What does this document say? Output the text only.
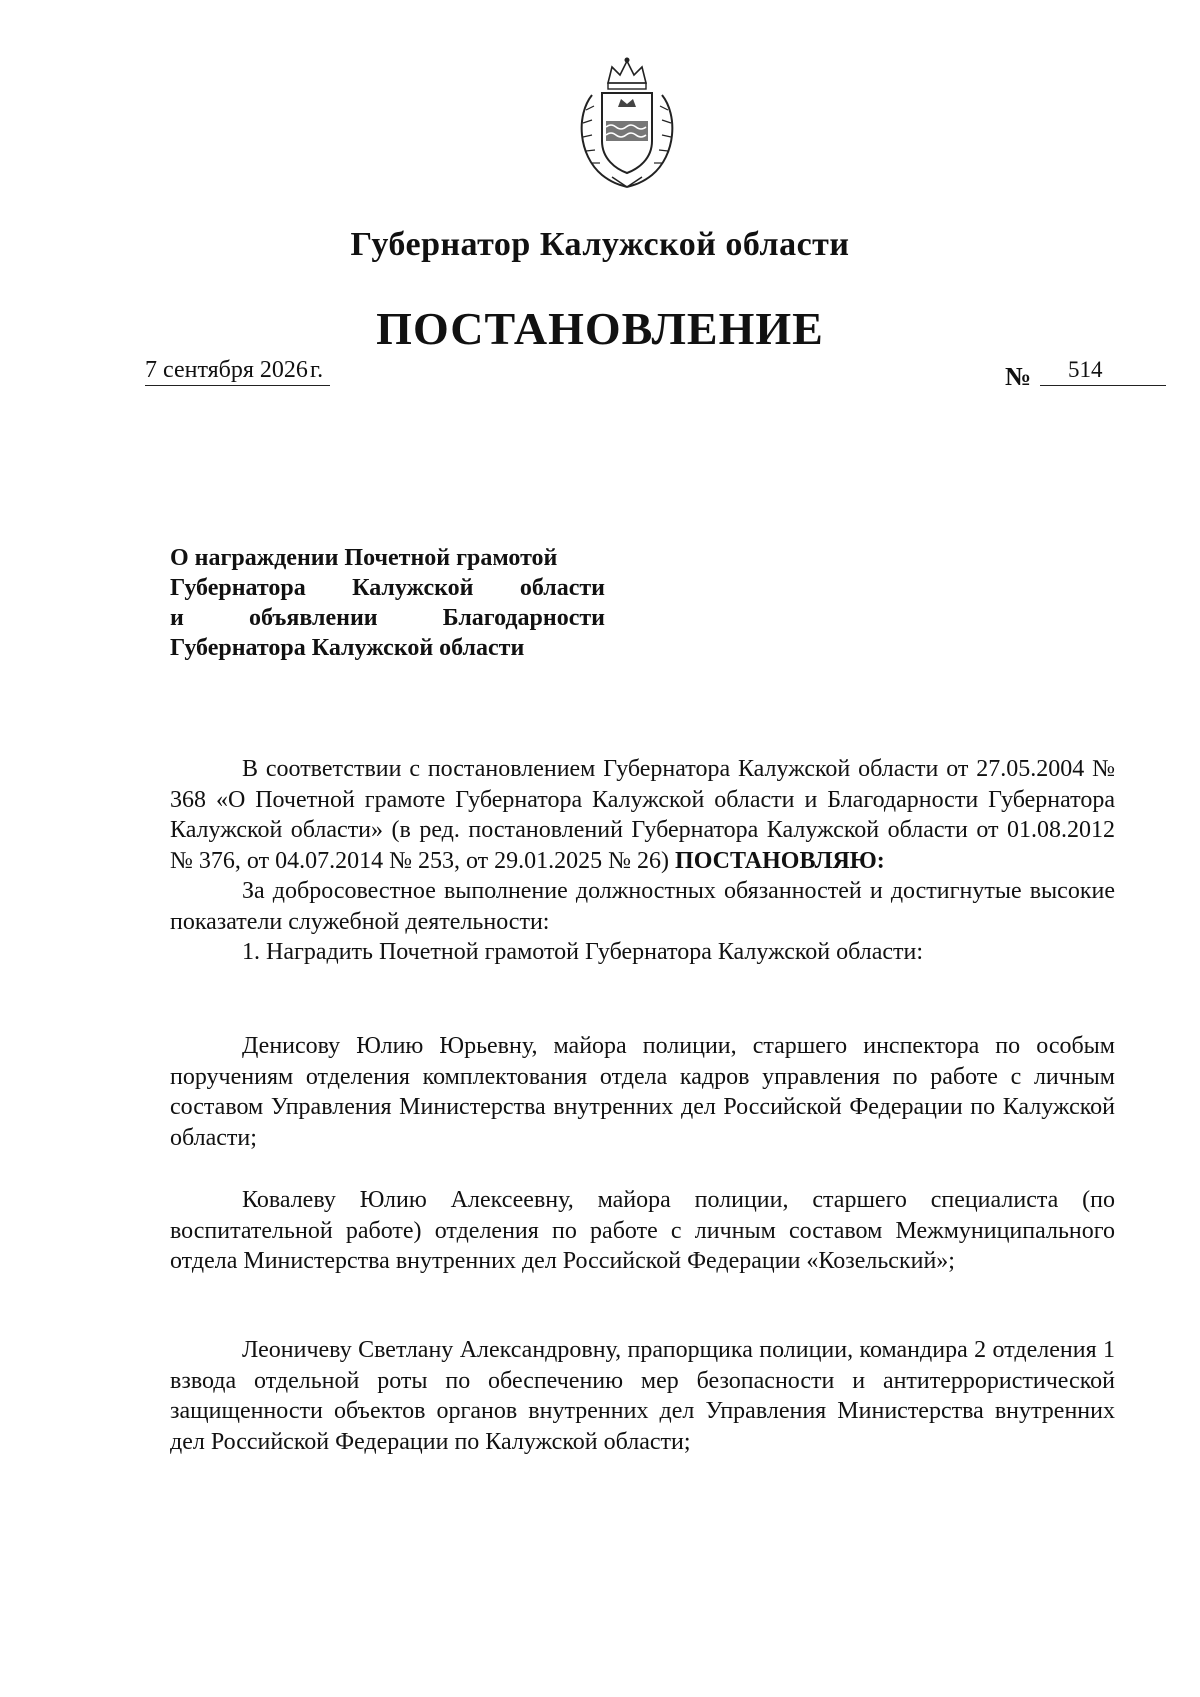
Губернатор Калужской области
ПОСТАНОВЛЕНИЕ
7 сентября 2026 г.	№ 514

О награждении Почетной грамотой

Губернатора Калужской области

и объявлении Благодарности

Губернатора Калужской области

В соответствии с постановлением Губернатора Калужской области от 27.05.2004 № 368 «О Почетной грамоте Губернатора Калужской области и Благодарности Губернатора Калужской области» (в ред. постановлений Губернатора Калужской области от 01.08.2012 № 376, от 04.07.2014 № 253, от 29.01.2025 № 26) ПОСТАНОВЛЯЮ:

За добросовестное выполнение должностных обязанностей и достигнутые высокие показатели служебной деятельности:

1. Наградить Почетной грамотой Губернатора Калужской области:

Денисову Юлию Юрьевну, майора полиции, старшего инспектора по особым поручениям отделения комплектования отдела кадров управления по работе с личным составом Управления Министерства внутренних дел Российской Федерации по Калужской области;

Ковалеву Юлию Алексеевну, майора полиции, старшего специалиста (по воспитательной работе) отделения по работе с личным составом Межмуниципального отдела Министерства внутренних дел Российской Федерации «Козельский»;

Леоничеву Светлану Александровну, прапорщика полиции, командира 2 отделения 1 взвода отдельной роты по обеспечению мер безопасности и антитеррористической защищенности объектов органов внутренних дел Управления Министерства внутренних дел Российской Федерации по Калужской области;
